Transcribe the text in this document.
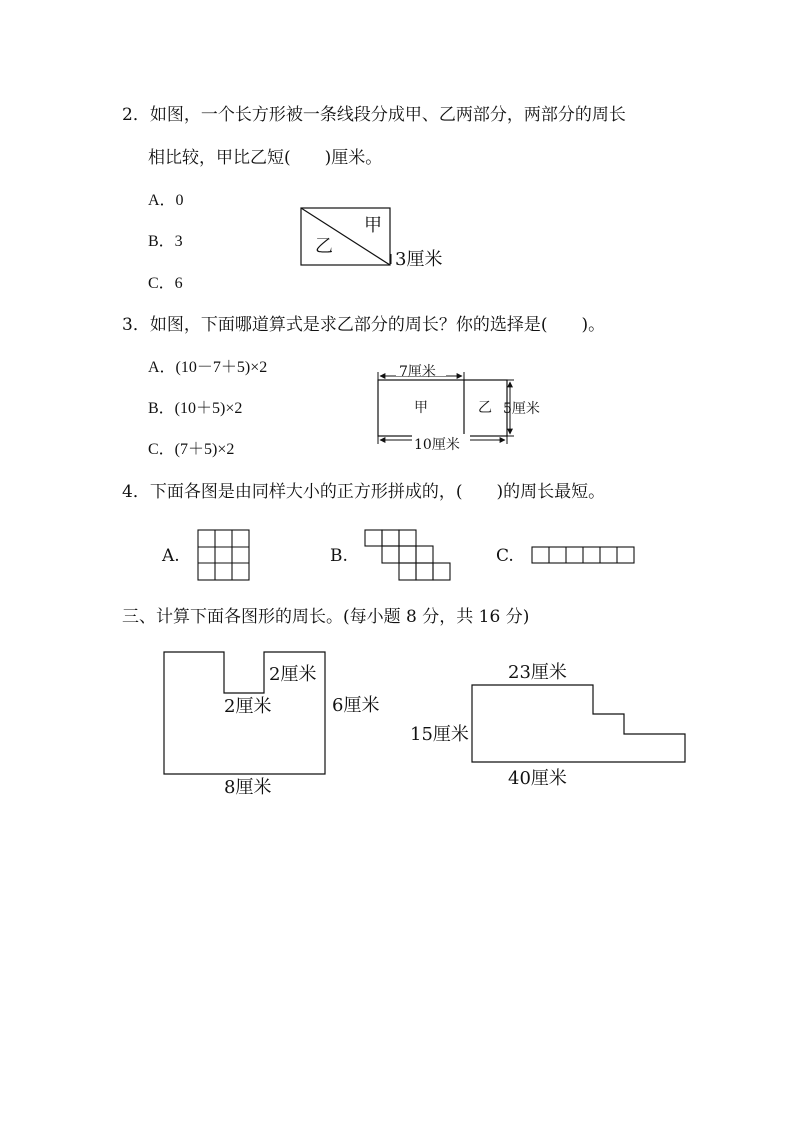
2．如图，一个长方形被一条线段分成甲、乙两部分，两部分的周长
相比较，甲比乙短(　　)厘米。
A．0
B．3
C．6
3．如图，下面哪道算式是求乙部分的周长？你的选择是(　　)。
A．(10－7＋5)×2
B．(10＋5)×2
C．(7＋5)×2
4．下面各图是由同样大小的正方形拼成的，(　　)的周长最短。
A.	B.	C.
三、计算下面各图形的周长。(每小题 8 分，共 16 分)
甲
乙
3厘米
7厘米
甲	乙 5厘米
10厘米
2厘米
2厘米	6厘米
8厘米
23厘米
15厘米
40厘米
